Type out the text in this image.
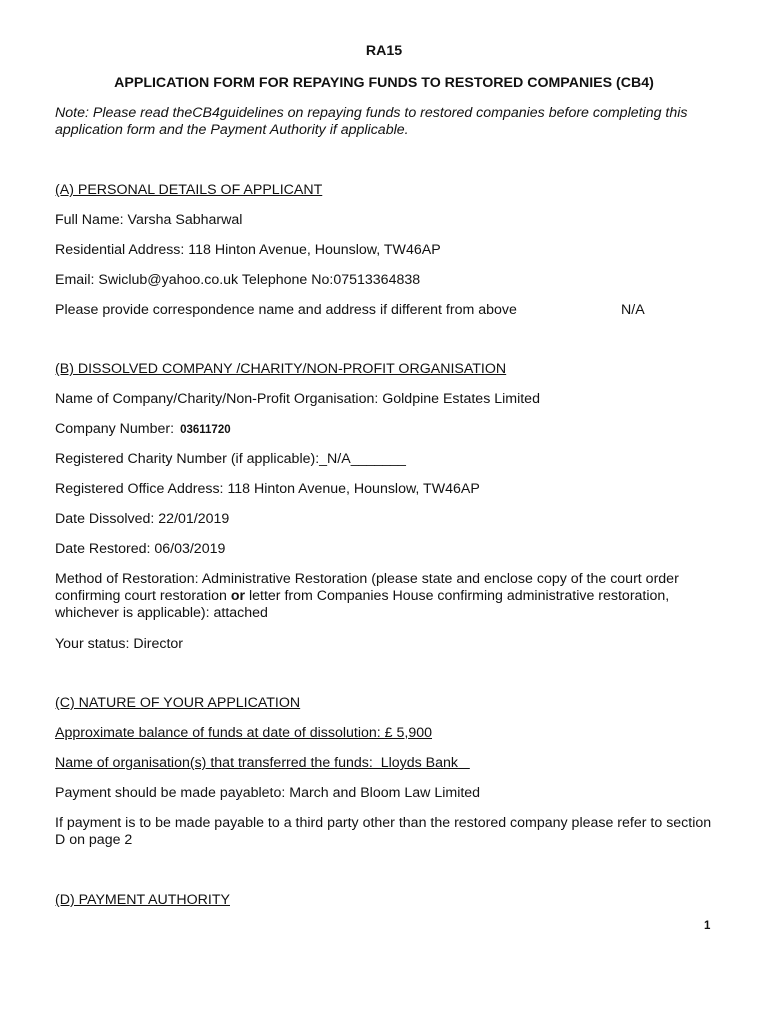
RA15
APPLICATION FORM FOR REPAYING FUNDS TO RESTORED COMPANIES (CB4)
Note: Please read theCB4guidelines on repaying funds to restored companies before completing this application form and the Payment Authority if applicable.
(A) PERSONAL DETAILS OF APPLICANT
Full Name: Varsha Sabharwal
Residential Address: 118 Hinton Avenue, Hounslow, TW46AP
Email: Swiclub@yahoo.co.uk Telephone No:07513364838
Please provide correspondence name and address if different from above	N/A
(B) DISSOLVED COMPANY /CHARITY/NON-PROFIT ORGANISATION
Name of Company/Charity/Non-Profit Organisation: Goldpine Estates Limited
Company Number: 03611720
Registered Charity Number (if applicable):_N/A_______
Registered Office Address: 118 Hinton Avenue, Hounslow, TW46AP
Date Dissolved: 22/01/2019
Date Restored: 06/03/2019
Method of Restoration: Administrative Restoration (please state and enclose copy of the court order confirming court restoration or letter from Companies House confirming administrative restoration, whichever is applicable): attached
Your status: Director
(C) NATURE OF YOUR APPLICATION
Approximate balance of funds at date of dissolution: £ 5,900
Name of organisation(s) that transferred the funds:  Lloyds Bank
Payment should be made payableto: March and Bloom Law Limited
If payment is to be made payable to a third party other than the restored company please refer to section D on page 2
(D) PAYMENT AUTHORITY
1
